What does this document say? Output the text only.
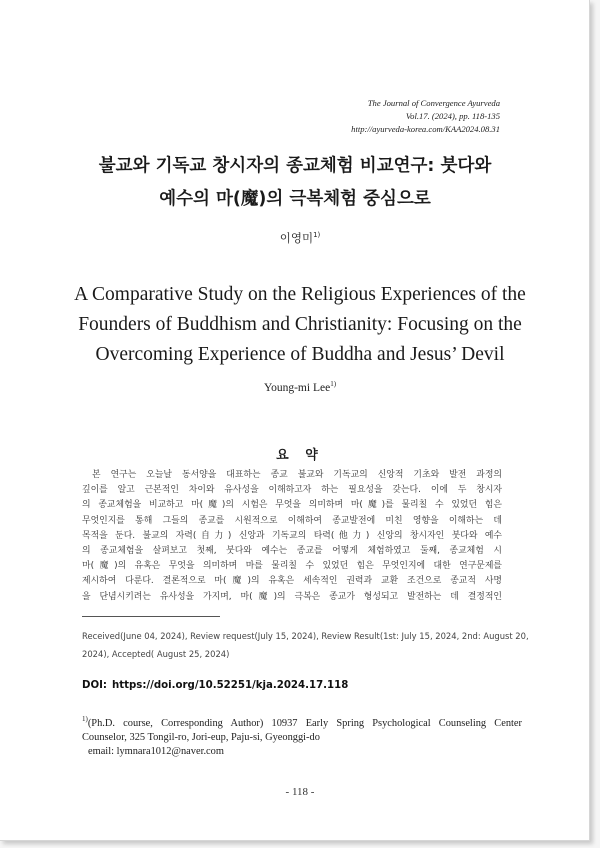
The Journal of Convergence Ayurveda
Vol.17. (2024), pp. 118-135
http://ayurveda-korea.com/KAA2024.08.31
불교와 기독교 창시자의 종교체험 비교연구: 붓다와
예수의 마(魔)의 극복체험 중심으로
이영미$^{1)}$
A Comparative Study on the Religious Experiences of the
Founders of Buddhism and Christianity: Focusing on the
Overcoming Experience of Buddha and Jesus’ Devil
Young-mi Lee$^{1)}$
요 약
본 연구는 오늘날 동서양을 대표하는 종교 불교와 기독교의 신앙적 기초와 발전 과정의
깊이를 알고 근본적인 차이와 유사성을 이해하고자 하는 필요성을 갖는다. 이에 두 창시자
의 종교체험을 비교하고 마(魔)의 시험은 무엇을 의미하며 마(魔)를 물리칠 수 있었던 힘은
무엇인지를 통해 그들의 종교를 시원적으로 이해하여 종교발전에 미친 영향을 이해하는 데
목적을 둔다. 불교의 자력(自力) 신앙과 기독교의 타력(他力) 신앙의 창시자인 붓다와 예수
의 종교체험을 살펴보고 첫째, 붓다와 예수는 종교를 어떻게 체험하였고 둘째, 종교체험 시
마(魔)의 유혹은 무엇을 의미하며 마를 물리칠 수 있었던 힘은 무엇인지에 대한 연구문제를
제시하여 다룬다. 결론적으로 마(魔)의 유혹은 세속적인 권력과 교환 조건으로 종교적 사명
을 단념시키려는 유사성을 가지며, 마(魔)의 극복은 종교가 형성되고 발전하는 데 결정적인
Received(June 04, 2024), Review request(July 15, 2024), Review Result(1st: July 15, 2024, 2nd: August 20,
2024), Accepted( August 25, 2024)
DOI: https://doi.org/10.52251/kja.2024.17.118
$^{1)}$(Ph.D. course, Corresponding Author) 10937 Early Spring Psychological Counseling Center
Counselor, 325 Tongil-ro, Jori-eup, Paju-si, Gyeonggi-do
email: lymnara1012@naver.com
- 118 -
